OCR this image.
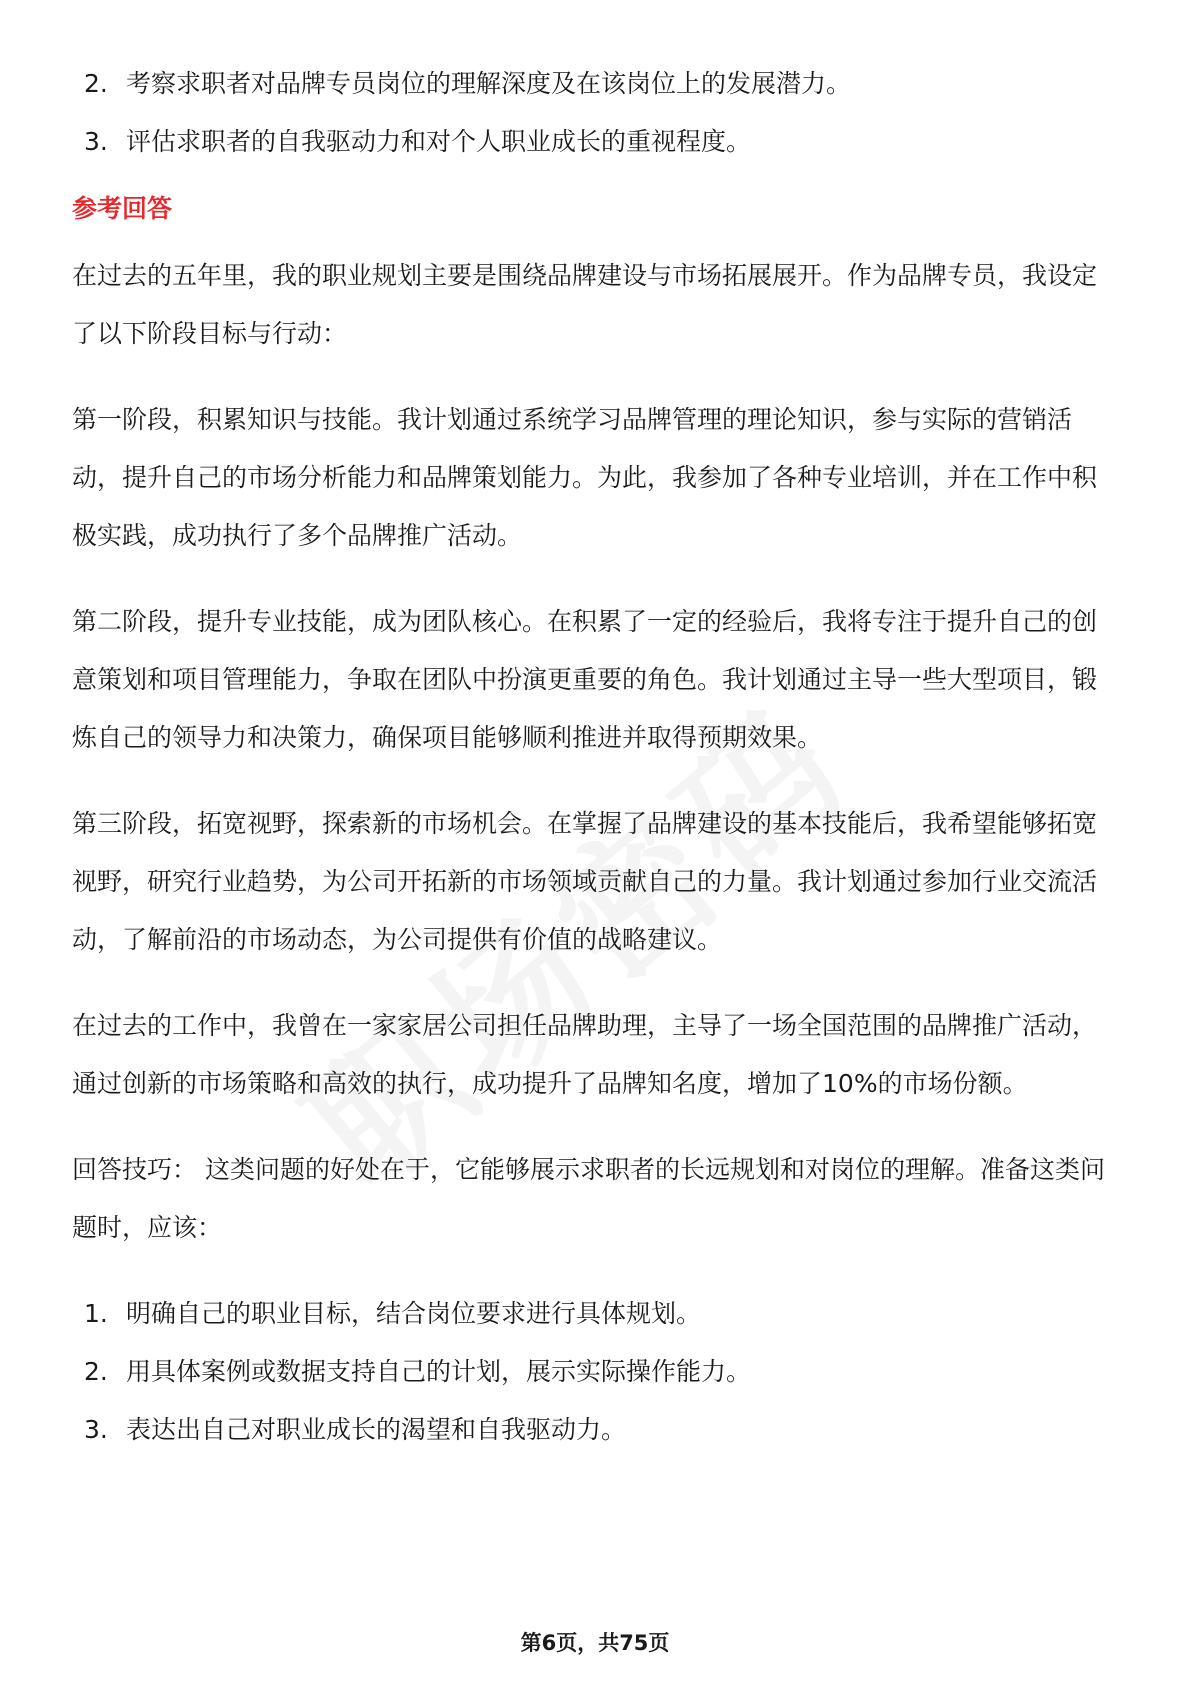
2. 考察求职者对品牌专员岗位的理解深度及在该岗位上的发展潜力。
3. 评估求职者的自我驱动力和对个人职业成长的重视程度。
参考回答

在过去的五年里，我的职业规划主要是围绕品牌建设与市场拓展展开。作为品牌专员，我设定了以下阶段目标与行动：

第一阶段，积累知识与技能。我计划通过系统学习品牌管理的理论知识，参与实际的营销活动，提升自己的市场分析能力和品牌策划能力。为此，我参加了各种专业培训，并在工作中积极实践，成功执行了多个品牌推广活动。

第二阶段，提升专业技能，成为团队核心。在积累了一定的经验后，我将专注于提升自己的创意策划和项目管理能力，争取在团队中扮演更重要的角色。我计划通过主导一些大型项目，锻炼自己的领导力和决策力，确保项目能够顺利推进并取得预期效果。

第三阶段，拓宽视野，探索新的市场机会。在掌握了品牌建设的基本技能后，我希望能够拓宽视野，研究行业趋势，为公司开拓新的市场领域贡献自己的力量。我计划通过参加行业交流活动，了解前沿的市场动态，为公司提供有价值的战略建议。

在过去的工作中，我曾在一家家居公司担任品牌助理，主导了一场全国范围的品牌推广活动，通过创新的市场策略和高效的执行，成功提升了品牌知名度，增加了10%的市场份额。

回答技巧： 这类问题的好处在于，它能够展示求职者的长远规划和对岗位的理解。准备这类问题时，应该：

1. 明确自己的职业目标，结合岗位要求进行具体规划。
2. 用具体案例或数据支持自己的计划，展示实际操作能力。
3. 表达出自己对职业成长的渴望和自我驱动力。
第6页，共75页
